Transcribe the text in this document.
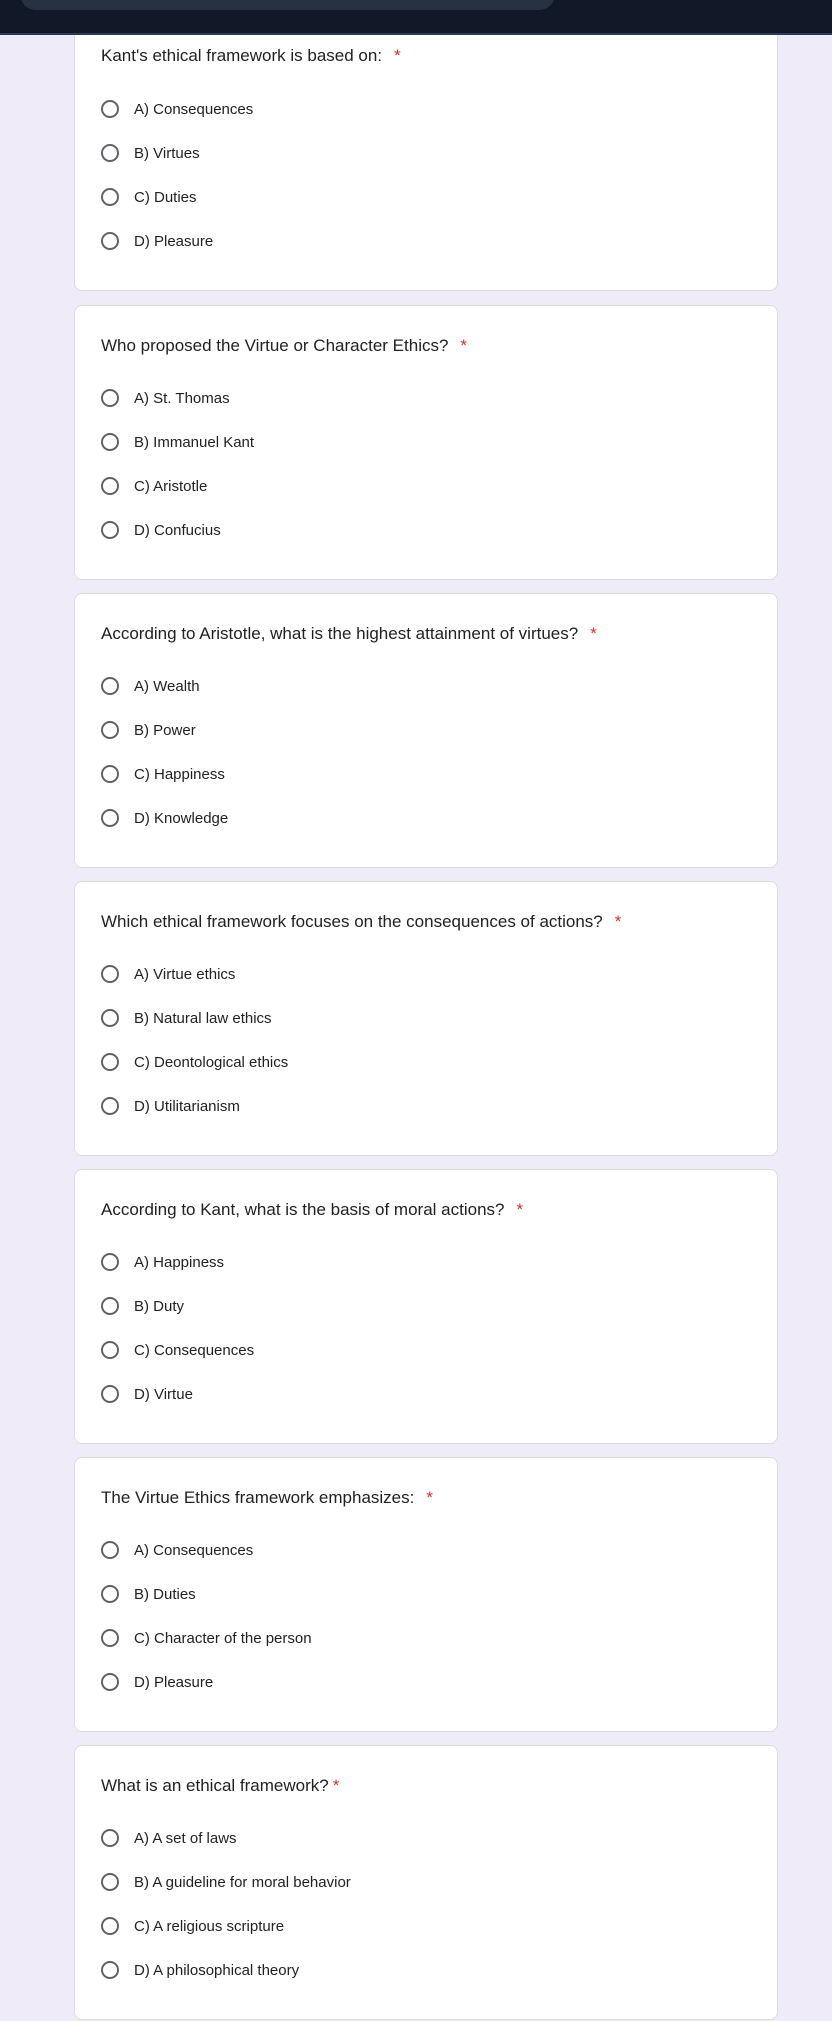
Kant's ethical framework is based on: *
A) Consequences
B) Virtues
C) Duties
D) Pleasure
Who proposed the Virtue or Character Ethics? *
A) St. Thomas
B) Immanuel Kant
C) Aristotle
D) Confucius
According to Aristotle, what is the highest attainment of virtues? *
A) Wealth
B) Power
C) Happiness
D) Knowledge
Which ethical framework focuses on the consequences of actions? *
A) Virtue ethics
B) Natural law ethics
C) Deontological ethics
D) Utilitarianism
According to Kant, what is the basis of moral actions? *
A) Happiness
B) Duty
C) Consequences
D) Virtue
The Virtue Ethics framework emphasizes: *
A) Consequences
B) Duties
C) Character of the person
D) Pleasure
What is an ethical framework? *
A) A set of laws
B) A guideline for moral behavior
C) A religious scripture
D) A philosophical theory
